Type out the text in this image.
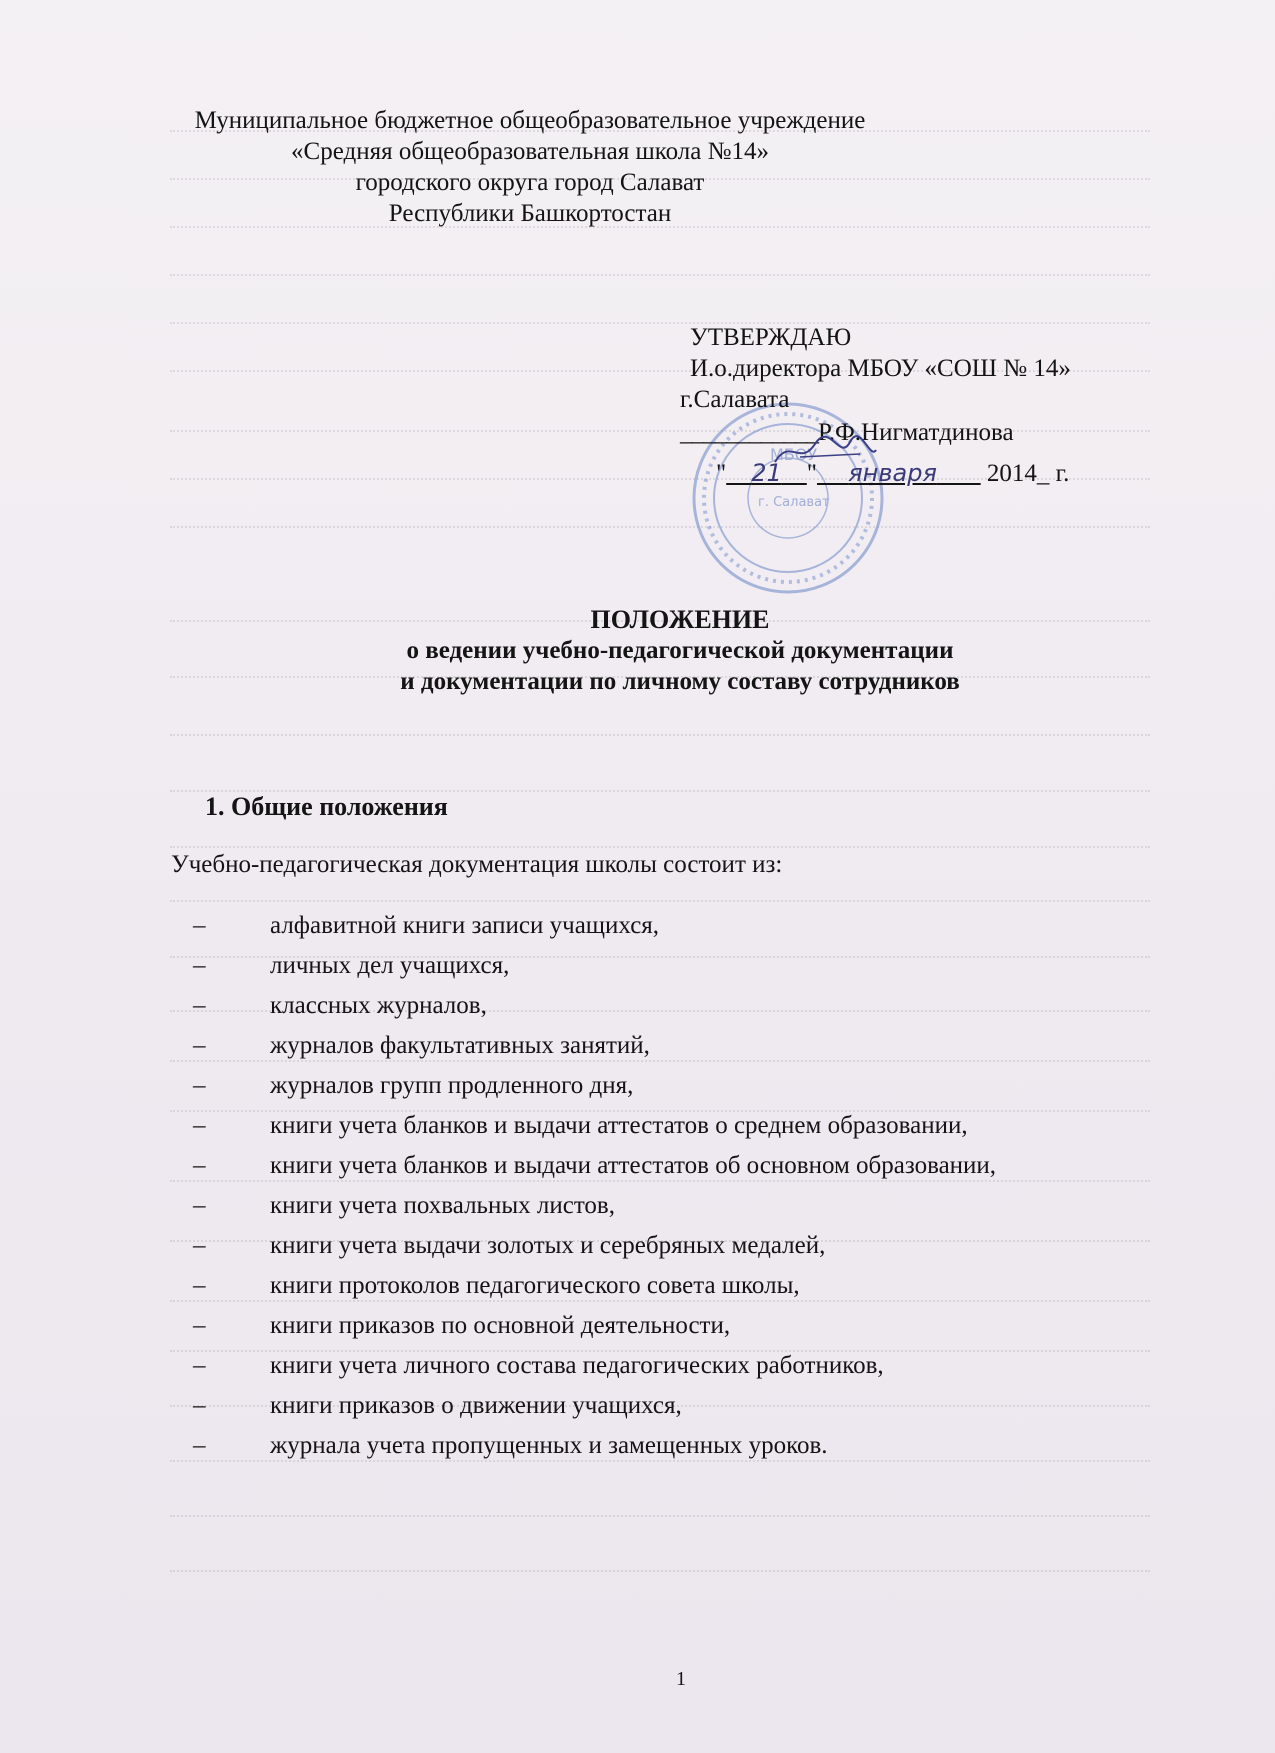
Муниципальное бюджетное общеобразовательное учреждение
«Средняя общеобразовательная школа №14»
городского округа город Салават
Республики Башкортостан
МБОУ
г. Салават
УТВЕРЖДАЮ
И.о.директора МБОУ «СОШ № 14»
г.Салавата
____________Р.Ф.Нигматдинова
" 21 " января 2014_ г.
ПОЛОЖЕНИЕ
о ведении учебно-педагогической документации
и документации по личному составу сотрудников
1. Общие положения
Учебно-педагогическая документация школы состоит из:
–	алфавитной книги записи учащихся,
–	личных дел учащихся,
–	классных журналов,
–	журналов факультативных занятий,
–	журналов групп продленного дня,
–	книги учета бланков и выдачи аттестатов о среднем образовании,
–	книги учета бланков и выдачи аттестатов об основном образовании,
–	книги учета похвальных листов,
–	книги учета выдачи золотых и серебряных медалей,
–	книги протоколов педагогического совета школы,
–	книги приказов по основной деятельности,
–	книги учета личного состава педагогических работников,
–	книги приказов о движении учащихся,
–	журнала учета пропущенных и замещенных уроков.
1
